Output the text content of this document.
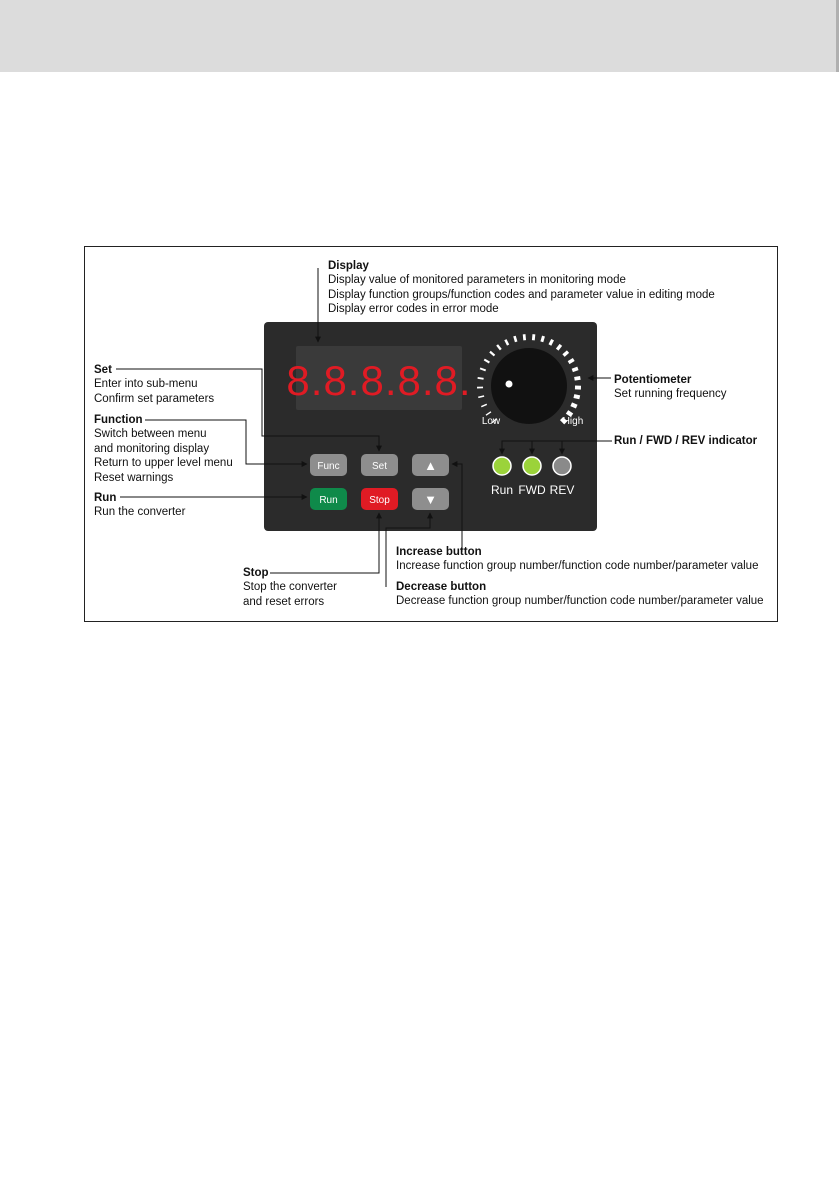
8.8.8.8.8.
Low	High
Func	Set	▲
Run	Stop	▼
Run FWD REV
Display
Display value of monitored parameters in monitoring mode
Display function groups/function codes and parameter value in editing mode
Display error codes in error mode
Set
Enter into sub-menu
Confirm set parameters
Function
Switch between menu
and monitoring display
Return to upper level menu
Reset warnings
Run
Run the converter
Potentiometer
Set running frequency
Run / FWD / REV indicator
Stop
Stop the converter
and reset errors
Increase button
Increase function group number/function code number/parameter value
Decrease button
Decrease function group number/function code number/parameter value
